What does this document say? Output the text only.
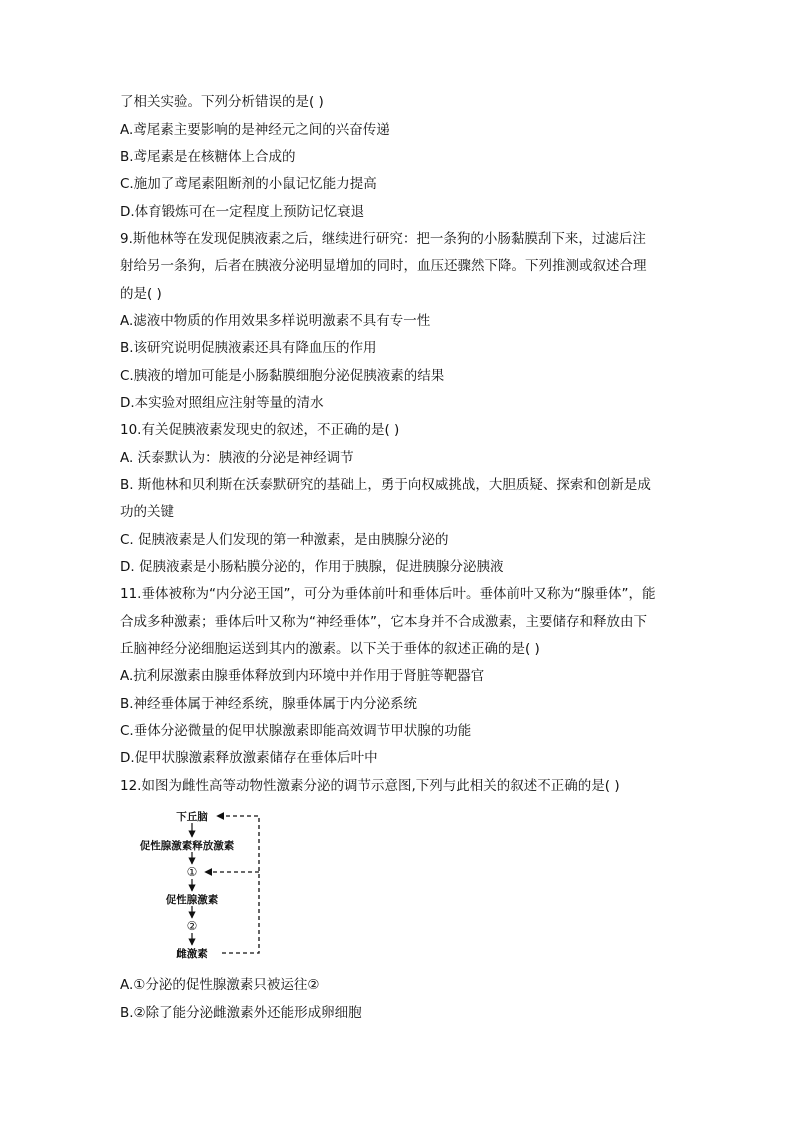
了相关实验。下列分析错误的是( )
A.鸢尾素主要影响的是神经元之间的兴奋传递
B.鸢尾素是在核糖体上合成的
C.施加了鸢尾素阻断剂的小鼠记忆能力提高
D.体育锻炼可在一定程度上预防记忆衰退
9.斯他林等在发现促胰液素之后，继续进行研究：把一条狗的小肠黏膜刮下来，过滤后注
射给另一条狗，后者在胰液分泌明显增加的同时，血压还骤然下降。下列推测或叙述合理
的是( )
A.滤液中物质的作用效果多样说明激素不具有专一性
B.该研究说明促胰液素还具有降血压的作用
C.胰液的增加可能是小肠黏膜细胞分泌促胰液素的结果
D.本实验对照组应注射等量的清水
10.有关促胰液素发现史的叙述，不正确的是( )
A. 沃泰默认为：胰液的分泌是神经调节
B. 斯他林和贝利斯在沃泰默研究的基础上，勇于向权威挑战，大胆质疑、探索和创新是成
功的关键
C. 促胰液素是人们发现的第一种激素，是由胰腺分泌的
D. 促胰液素是小肠粘膜分泌的，作用于胰腺，促进胰腺分泌胰液
11.垂体被称为“内分泌王国”，可分为垂体前叶和垂体后叶。垂体前叶又称为“腺垂体”，能
合成多种激素；垂体后叶又称为“神经垂体”，它本身并不合成激素，主要储存和释放由下
丘脑神经分泌细胞运送到其内的激素。以下关于垂体的叙述正确的是( )
A.抗利尿激素由腺垂体释放到内环境中并作用于肾脏等靶器官
B.神经垂体属于神经系统，腺垂体属于内分泌系统
C.垂体分泌微量的促甲状腺激素即能高效调节甲状腺的功能
D.促甲状腺激素释放激素储存在垂体后叶中
12.如图为雌性高等动物性激素分泌的调节示意图,下列与此相关的叙述不正确的是( )
下丘脑
促性腺激素释放激素
①
促性腺激素
②
雌激素
A.①分泌的促性腺激素只被运往②
B.②除了能分泌雌激素外还能形成卵细胞
